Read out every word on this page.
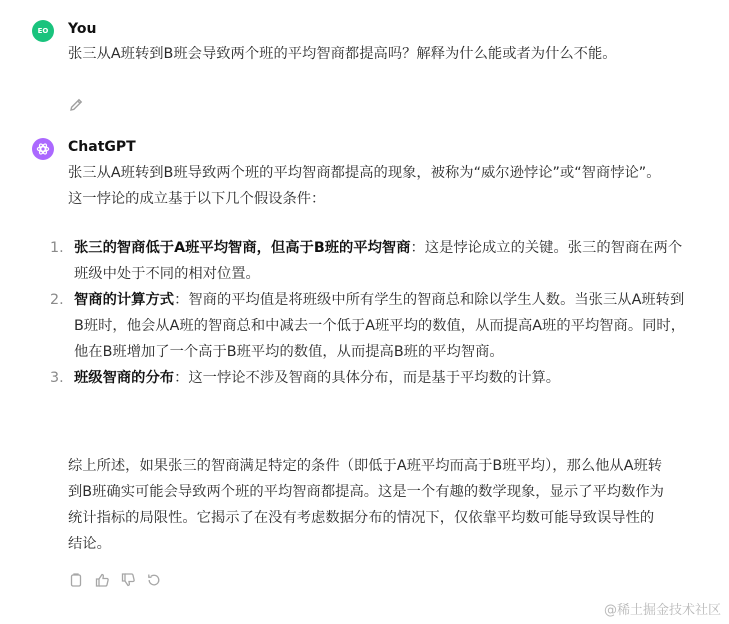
EO You
张三从A班转到B班会导致两个班的平均智商都提高吗？解释为什么能或者为什么不能。
ChatGPT
张三从A班转到B班导致两个班的平均智商都提高的现象，被称为“威尔逊悖论”或“智商悖论”。这一悖论的成立基于以下几个假设条件：
1. 张三的智商低于A班平均智商，但高于B班的平均智商：这是悖论成立的关键。张三的智商在两个班级中处于不同的相对位置。
2. 智商的计算方式：智商的平均值是将班级中所有学生的智商总和除以学生人数。当张三从A班转到B班时，他会从A班的智商总和中减去一个低于A班平均的数值，从而提高A班的平均智商。同时，他在B班增加了一个高于B班平均的数值，从而提高B班的平均智商。
3. 班级智商的分布：这一悖论不涉及智商的具体分布，而是基于平均数的计算。
综上所述，如果张三的智商满足特定的条件（即低于A班平均而高于B班平均），那么他从A班转到B班确实可能会导致两个班的平均智商都提高。这是一个有趣的数学现象，显示了平均数作为统计指标的局限性。它揭示了在没有考虑数据分布的情况下，仅依靠平均数可能导致误导性的结论。
@稀土掘金技术社区
